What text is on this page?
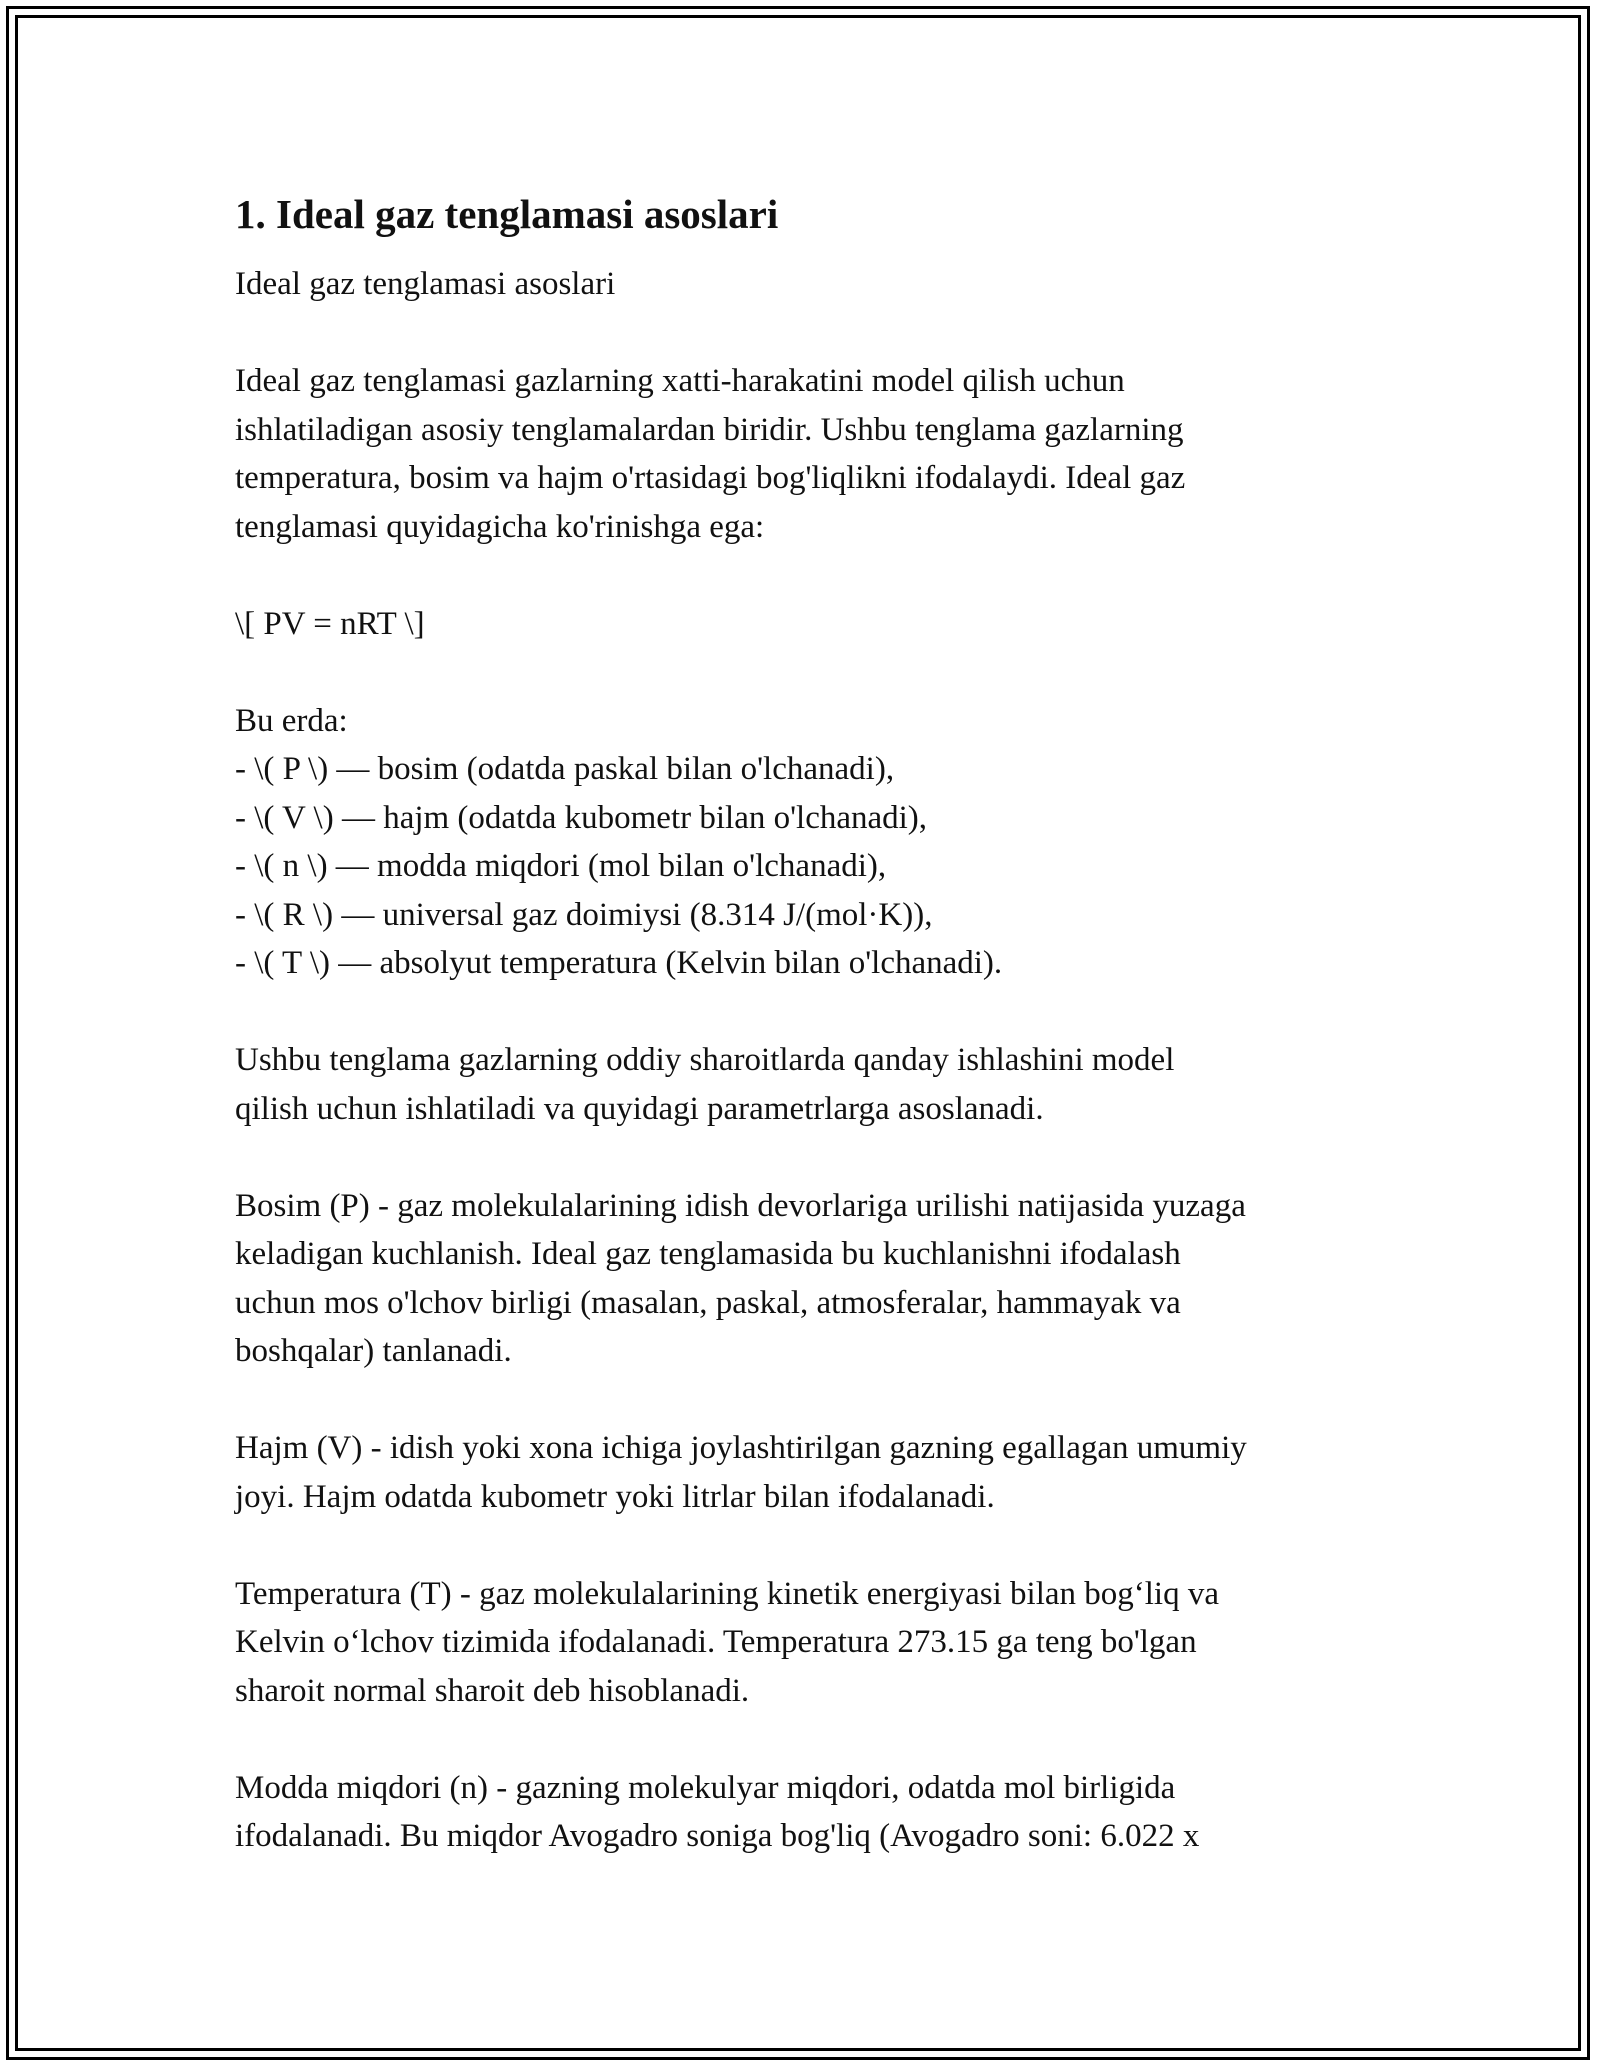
1. Ideal gaz tenglamasi asoslari
Ideal gaz tenglamasi asoslari
Ideal gaz tenglamasi gazlarning xatti-harakatini model qilish uchun
ishlatiladigan asosiy tenglamalardan biridir. Ushbu tenglama gazlarning
temperatura, bosim va hajm o'rtasidagi bog'liqlikni ifodalaydi. Ideal gaz
tenglamasi quyidagicha ko'rinishga ega:
\[ PV = nRT \]
Bu erda:
- \( P \) — bosim (odatda paskal bilan o'lchanadi),
- \( V \) — hajm (odatda kubometr bilan o'lchanadi),
- \( n \) — modda miqdori (mol bilan o'lchanadi),
- \( R \) — universal gaz doimiysi (8.314 J/(mol·K)),
- \( T \) — absolyut temperatura (Kelvin bilan o'lchanadi).
Ushbu tenglama gazlarning oddiy sharoitlarda qanday ishlashini model
qilish uchun ishlatiladi va quyidagi parametrlarga asoslanadi.
Bosim (P) - gaz molekulalarining idish devorlariga urilishi natijasida yuzaga
keladigan kuchlanish. Ideal gaz tenglamasida bu kuchlanishni ifodalash
uchun mos o'lchov birligi (masalan, paskal, atmosferalar, hammayak va
boshqalar) tanlanadi.
Hajm (V) - idish yoki xona ichiga joylashtirilgan gazning egallagan umumiy
joyi. Hajm odatda kubometr yoki litrlar bilan ifodalanadi.
Temperatura (T) - gaz molekulalarining kinetik energiyasi bilan bog‘liq va
Kelvin o‘lchov tizimida ifodalanadi. Temperatura 273.15 ga teng bo'lgan
sharoit normal sharoit deb hisoblanadi.
Modda miqdori (n) - gazning molekulyar miqdori, odatda mol birligida
ifodalanadi. Bu miqdor Avogadro soniga bog'liq (Avogadro soni: 6.022 x
